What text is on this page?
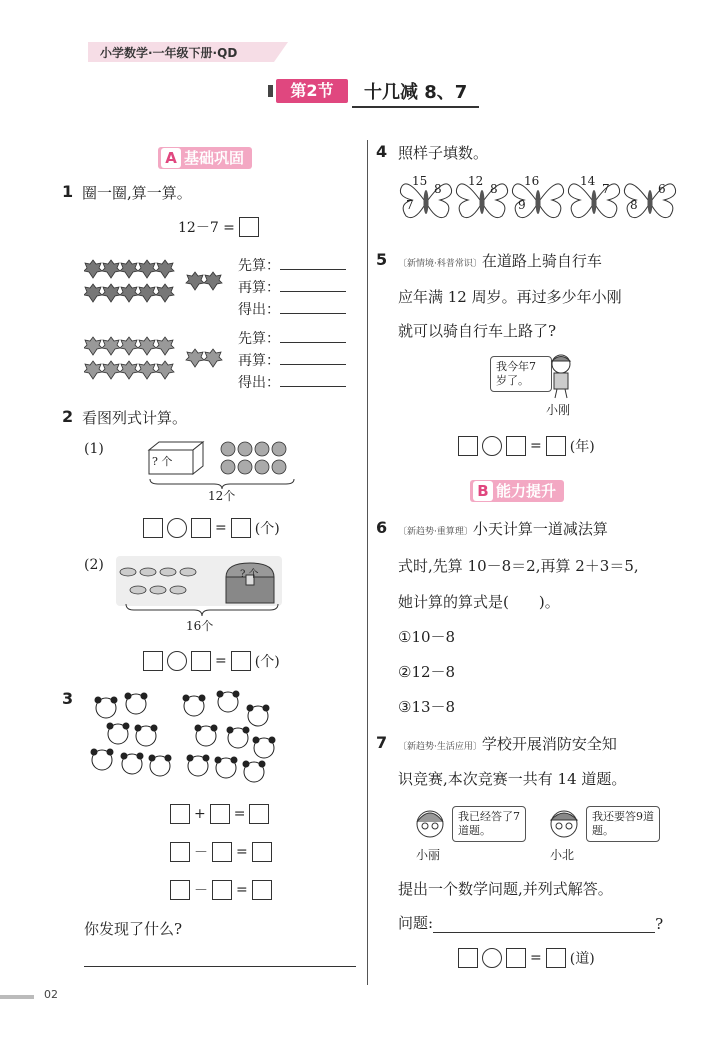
小学数学·一年级下册·QD
第2节	十几减 8、7
A 基础巩固
1 圈一圈,算一算。
12－7 =
先算：
再算：
得出：
先算：
再算：
得出：
2 看图列式计算。
(1)
? 个
12个
= (个)
(2)
? 个
16个
= (个)
3
+ =
－ =
－ =
你发现了什么?
4 照样子填数。
15
8
7
12
8
16
9
14
7	6
8
5 〔新情境·科普常识〕在道路上骑自行车
应年满 12 周岁。再过多少年小刚
就可以骑自行车上路了?
我今年7岁了。
小刚
= (年)
B 能力提升
6 〔新趋势·重算理〕小天计算一道减法算
式时,先算 10－8＝2,再算 2＋3＝5,
她计算的算式是(　　)。
①10－8
②12－8
③13－8
7 〔新趋势·生活应用〕学校开展消防安全知
识竞赛,本次竞赛一共有 14 道题。
我已经答了7道题。
小丽
我还要答9道题。
小北
提出一个数学问题,并列式解答。
问题:	?
= (道)
02
